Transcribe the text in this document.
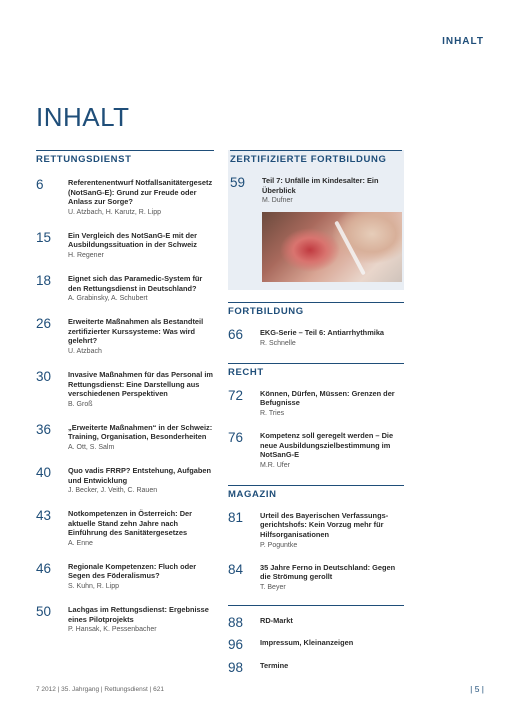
INHALT
INHALT
RETTUNGSDIENST
6	Referentenentwurf Notfallsanitätergesetz (NotSanG-E): Grund zur Freude oder Anlass zur Sorge?
U. Atzbach, H. Karutz, R. Lipp
15 Ein Vergleich des NotSanG-E mit der Ausbildungssituation in der Schweiz
H. Regener
18 Eignet sich das Paramedic-System für den Rettungsdienst in Deutschland?
A. Grabinsky, A. Schubert
26 Erweiterte Maßnahmen als Bestandteil zertifizierter Kurssysteme: Was wird gelehrt?
U. Atzbach
30 Invasive Maßnahmen für das Personal im Rettungsdienst: Eine Darstellung aus verschiedenen Perspektiven
B. Groß
36 „Erweiterte Maßnahmen“ in der Schweiz: Training, Organisation, Besonderheiten
A. Ott, S. Salm
40 Quo vadis FRRP? Entstehung, Aufgaben und Entwicklung
J. Becker, J. Veith, C. Rauen
43 Notkompetenzen in Österreich: Der aktuelle Stand zehn Jahre nach Einführung des Sanitätergesetzes
A. Enne
46 Regionale Kompetenzen: Fluch oder Segen des Föderalismus?
S. Kuhn, R. Lipp
50 Lachgas im Rettungsdienst: Ergebnisse eines Pilotprojekts
P. Hansak, K. Pessenbacher
ZERTIFIZIERTE FORTBILDUNG
59 Teil 7: Unfälle im Kindesalter: Ein Überblick
M. Dufner
FORTBILDUNG
66 EKG-Serie – Teil 6: Antiarrhythmika
R. Schnelle
RECHT
72 Können, Dürfen, Müssen: Grenzen der Befugnisse
R. Tries
76 Kompetenz soll geregelt werden – Die neue Ausbildungszielbestimmung im NotSanG-E
M.R. Ufer
MAGAZIN
81 Urteil des Bayerischen Verfassungs-gerichtshofs: Kein Vorzug mehr für Hilfsorganisationen
P. Poguntke
84 35 Jahre Ferno in Deutschland: Gegen die Strömung gerollt
T. Beyer
88 RD-Markt
96 Impressum, Kleinanzeigen
98 Termine
7 2012 | 35. Jahrgang | Rettungsdienst | 621	| 5 |
